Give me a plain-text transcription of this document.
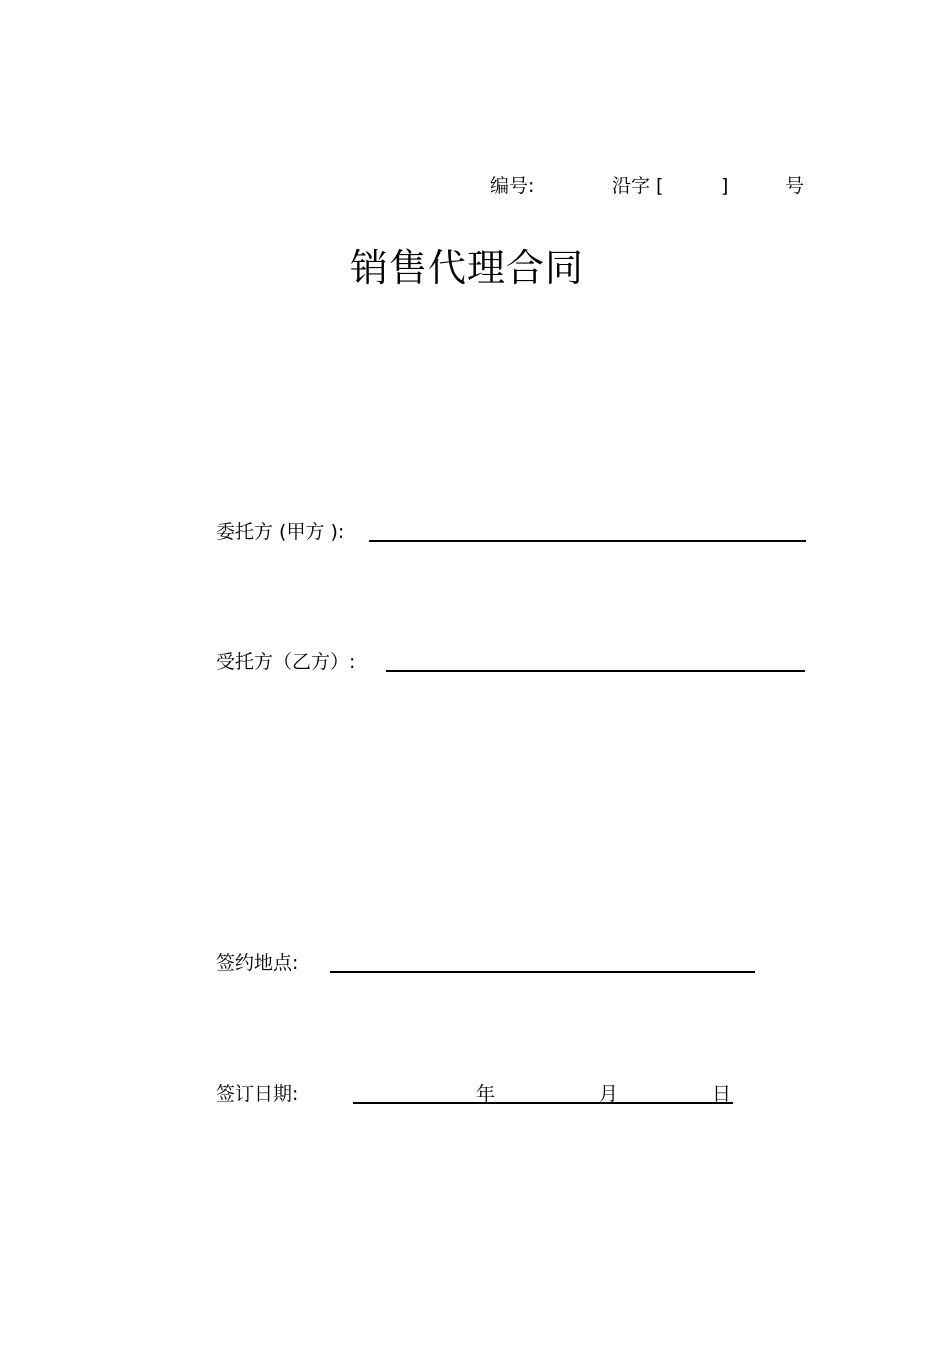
编号:	沿字 [	]	号
销售代理合同
委托方 (甲方 ):
受托方（乙方）:
签约地点:
签订日期:	年	月	日
